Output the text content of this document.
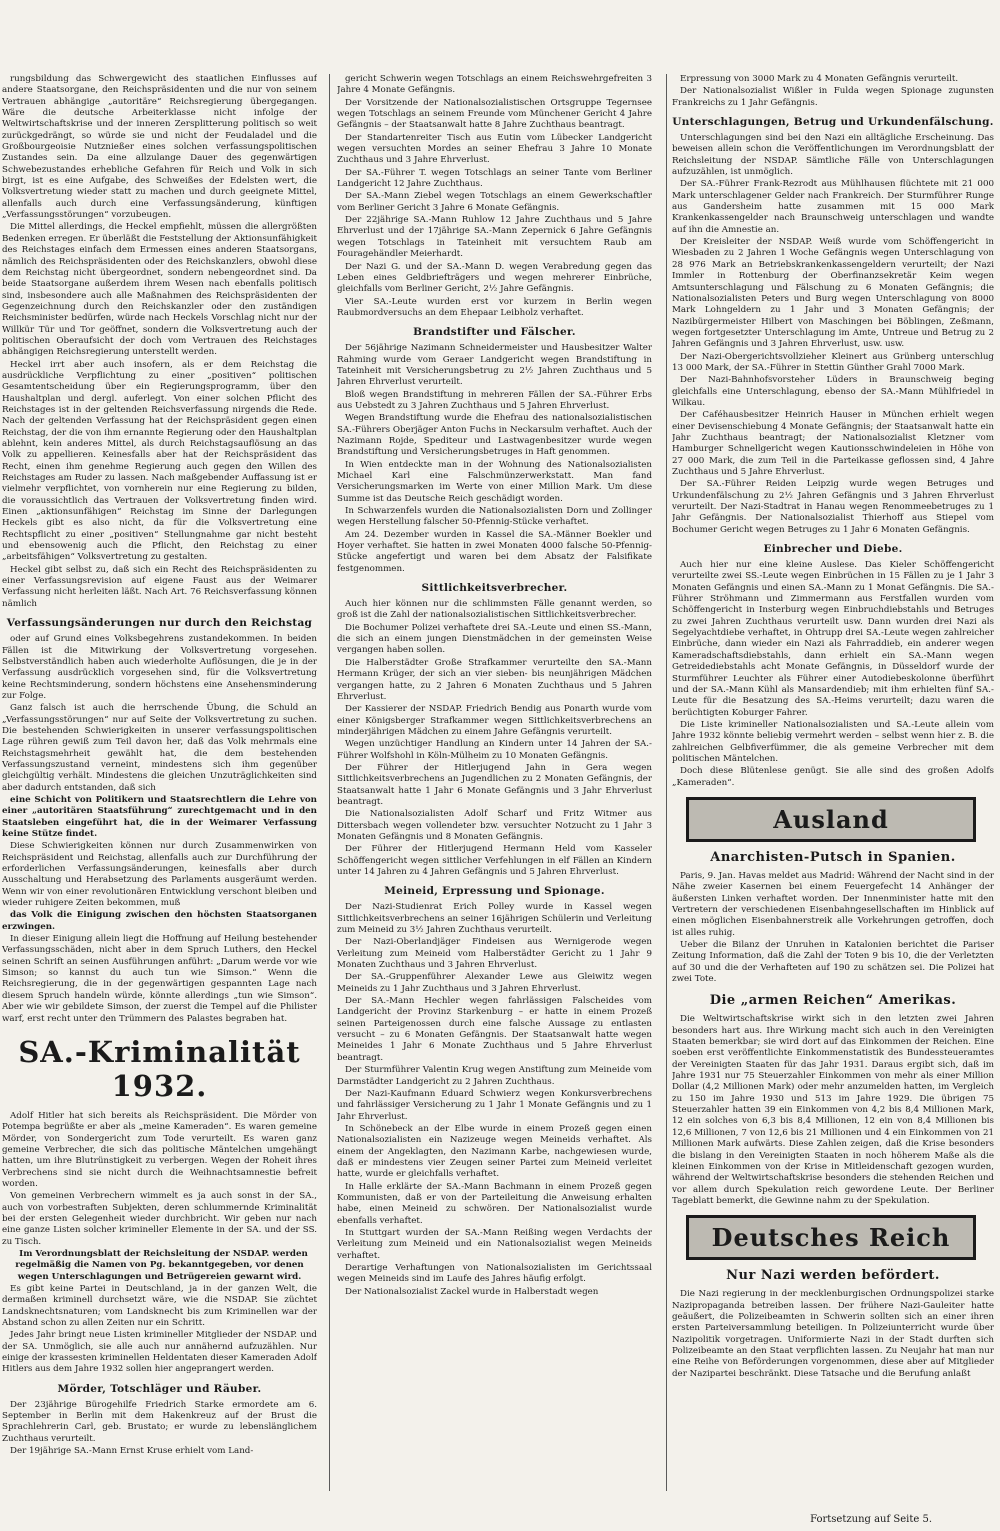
rungsbildung das Schwergewicht des staatlichen Einflusses auf andere Staatsorgane, den Reichspräsidenten und die nur von seinem Vertrauen abhängige „autoritäre“ Reichsregierung übergegangen. Wäre die deutsche Arbeiterklasse nicht infolge der Weltwirtschaftskrise und der inneren Zersplitterung politisch so weit zurückgedrängt, so würde sie und nicht der Feudaladel und die Großbourgeoisie Nutznießer eines solchen verfassungspolitischen Zustandes sein. Da eine allzulange Dauer des gegenwärtigen Schwebezustandes erhebliche Gefahren für Reich und Volk in sich birgt, ist es eine Aufgabe, des Schweißes der Edelsten wert, die Volksvertretung wieder statt zu machen und durch geeignete Mittel, allenfalls auch durch eine Verfassungsänderung, künftigen „Verfassungsstörungen“ vorzubeugen.

Die Mittel allerdings, die Heckel empfiehlt, müssen die allergrößten Bedenken erregen. Er überläßt die Feststellung der Aktionsunfähigkeit des Reichstages einfach dem Ermessen eines anderen Staatsorgans, nämlich des Reichspräsidenten oder des Reichskanzlers, obwohl diese dem Reichstag nicht übergeordnet, sondern nebengeordnet sind. Da beide Staatsorgane außerdem ihrem Wesen nach ebenfalls politisch sind, insbesondere auch alle Maßnahmen des Reichspräsidenten der Gegenzeichnung durch den Reichskanzler oder den zuständigen Reichsminister bedürfen, würde nach Heckels Vorschlag nicht nur der Willkür Tür und Tor geöffnet, sondern die Volksvertretung auch der politischen Oberaufsicht der doch vom Vertrauen des Reichstages abhängigen Reichsregierung unterstellt werden.

Heckel irrt aber auch insofern, als er dem Reichstag die ausdrückliche Verpflichtung zu einer „positiven“ politischen Gesamtentscheidung über ein Regierungsprogramm, über den Haushaltplan und dergl. auferlegt. Von einer solchen Pflicht des Reichstages ist in der geltenden Reichsverfassung nirgends die Rede. Nach der geltenden Verfassung hat der Reichspräsident gegen einen Reichstag, der die von ihm ernannte Regierung oder den Haushaltplan ablehnt, kein anderes Mittel, als durch Reichstagsauflösung an das Volk zu appellieren. Keinesfalls aber hat der Reichspräsident das Recht, einen ihm genehme Regierung auch gegen den Willen des Reichstages am Ruder zu lassen. Nach maßgebender Auffassung ist er vielmehr verpflichtet, von vornherein nur eine Regierung zu bilden, die voraussichtlich das Vertrauen der Volksvertretung finden wird. Einen „aktionsunfähigen“ Reichstag im Sinne der Darlegungen Heckels gibt es also nicht, da für die Volksvertretung eine Rechtspflicht zu einer „positiven“ Stellungnahme gar nicht besteht und ebensowenig auch die Pflicht, den Reichstag zu einer „arbeitsfähigen“ Volksvertretung zu gestalten.

Heckel gibt selbst zu, daß sich ein Recht des Reichspräsidenten zu einer Verfassungsrevision auf eigene Faust aus der Weimarer Verfassung nicht herleiten läßt. Nach Art. 76 Reichsverfassung können nämlich

Verfassungsänderungen nur durch den Reichstag

oder auf Grund eines Volksbegehrens zustandekommen. In beiden Fällen ist die Mitwirkung der Volksvertretung vorgesehen. Selbstverständlich haben auch wiederholte Auflösungen, die je in der Verfassung ausdrücklich vorgesehen sind, für die Volksvertretung keine Rechtsminderung, sondern höchstens eine Ansehensminderung zur Folge.

Ganz falsch ist auch die herrschende Übung, die Schuld an „Verfassungsstörungen“ nur auf Seite der Volksvertretung zu suchen. Die bestehenden Schwierigkeiten in unserer verfassungspolitischen Lage rühren gewiß zum Teil davon her, daß das Volk mehrmals eine Reichstagsmehrheit gewählt hat, die dem bestehenden Verfassungszustand verneint, mindestens sich ihm gegenüber gleichgültig verhält. Mindestens die gleichen Unzuträglichkeiten sind aber dadurch entstanden, daß sich

eine Schicht von Politikern und Staatsrechtlern die Lehre von einer „autoritären Staatsführung“ zurechtgemacht und in den Staatsleben eingeführt hat, die in der Weimarer Verfassung keine Stütze findet.

Diese Schwierigkeiten können nur durch Zusammenwirken von Reichspräsident und Reichstag, allenfalls auch zur Durchführung der erforderlichen Verfassungsänderungen, keinesfalls aber durch Ausschaltung und Herabsetzung des Parlaments ausgeräumt werden. Wenn wir von einer revolutionären Entwicklung verschont bleiben und wieder ruhigere Zeiten bekommen, muß

das Volk die Einigung zwischen den höchsten Staatsorganen erzwingen.

In dieser Einigung allein liegt die Hoffnung auf Heilung bestehender Verfassungsschäden, nicht aber in dem Spruch Luthers, den Heckel seinen Schrift an seinen Ausführungen anführt: „Darum werde vor wie Simson; so kannst du auch tun wie Simson.“ Wenn die Reichsregierung, die in der gegenwärtigen gespannten Lage nach diesem Spruch handeln würde, könnte allerdings „tun wie Simson“. Aber wie wir gebildete Simson, der zuerst die Tempel auf die Philister warf, erst recht unter den Trümmern des Palastes begraben hat.

SA.-Kriminalität 1932.

Adolf Hitler hat sich bereits als Reichspräsident. Die Mörder von Potempa begrüßte er aber als „meine Kameraden“. Es waren gemeine Mörder, von Sondergericht zum Tode verurteilt. Es waren ganz gemeine Verbrecher, die sich das politische Mäntelchen umgehängt hatten, um ihre Blutrünstigkeit zu verbergen. Wegen der Roheit ihres Verbrechens sind sie nicht durch die Weihnachtsamnestie befreit worden.

Von gemeinen Verbrechern wimmelt es ja auch sonst in der SA., auch von vorbestraften Subjekten, deren schlummernde Kriminalität bei der ersten Gelegenheit wieder durchbricht. Wir geben nur nach eine ganze Listen solcher krimineller Elemente in der SA. und der SS. zu Tisch.

Im Verordnungsblatt der Reichsleitung der NSDAP. werden regelmäßig die Namen von Pg. bekanntgegeben, vor denen wegen Unterschlagungen und Betrügereien gewarnt wird.

Es gibt keine Partei in Deutschland, ja in der ganzen Welt, die dermaßen kriminell durchsetzt wäre, wie die NSDAP. Sie züchtet Landsknechtsnaturen; vom Landsknecht bis zum Kriminellen war der Abstand schon zu allen Zeiten nur ein Schritt.

Jedes Jahr bringt neue Listen krimineller Mitglieder der NSDAP. und der SA. Unmöglich, sie alle auch nur annähernd aufzuzählen. Nur einige der krassesten kriminellen Heldentaten dieser Kameraden Adolf Hitlers aus dem Jahre 1932 sollen hier angeprangert werden.

Mörder, Totschläger und Räuber.

Der 23jährige Bürogehilfe Friedrich Starke ermordete am 6. September in Berlin mit dem Hakenkreuz auf der Brust die Sprachlehrerin Carl, geb. Brustato; er wurde zu lebenslänglichem Zuchthaus verurteilt.

Der 19jährige SA.-Mann Ernst Kruse erhielt vom Land-

gericht Schwerin wegen Totschlags an einem Reichswehrgefreiten 3 Jahre 4 Monate Gefängnis.

Der Vorsitzende der Nationalsozialistischen Ortsgruppe Tegernsee wegen Totschlags an seinem Freunde vom Münchener Gericht 4 Jahre Gefängnis – der Staatsanwalt hatte 8 Jahre Zuchthaus beantragt.

Der Standartenreiter Tisch aus Eutin vom Lübecker Landgericht wegen versuchten Mordes an seiner Ehefrau 3 Jahre 10 Monate Zuchthaus und 3 Jahre Ehrverlust.

Der SA.-Führer T. wegen Totschlags an seiner Tante vom Berliner Landgericht 12 Jahre Zuchthaus.

Der SA.-Mann Ziebel wegen Totschlags an einem Gewerkschaftler vom Berliner Gericht 3 Jahre 6 Monate Gefängnis.

Der 22jährige SA.-Mann Ruhlow 12 Jahre Zuchthaus und 5 Jahre Ehrverlust und der 17jährige SA.-Mann Zepernick 6 Jahre Gefängnis wegen Totschlags in Tateinheit mit versuchtem Raub am Fouragehändler Meierhardt.

Der Nazi G. und der SA.-Mann D. wegen Verabredung gegen das Leben eines Geldbriefträgers und wegen mehrerer Einbrüche, gleichfalls vom Berliner Gericht, 2½ Jahre Gefängnis.

Vier SA.-Leute wurden erst vor kurzem in Berlin wegen Raubmordversuchs an dem Ehepaar Leibholz verhaftet.

Brandstifter und Fälscher.

Der 56jährige Nazimann Schneidermeister und Hausbesitzer Walter Rahming wurde vom Geraer Landgericht wegen Brandstiftung in Tateinheit mit Versicherungsbetrug zu 2½ Jahren Zuchthaus und 5 Jahren Ehrverlust verurteilt.

Bloß wegen Brandstiftung in mehreren Fällen der SA.-Führer Erbs aus Uebstedt zu 3 Jahren Zuchthaus und 5 Jahren Ehrverlust.

Wegen Brandstiftung wurde die Ehefrau des nationalsozialistischen SA.-Führers Oberjäger Anton Fuchs in Neckarsulm verhaftet. Auch der Nazimann Rojde, Spediteur und Lastwagenbesitzer wurde wegen Brandstiftung und Versicherungsbetruges in Haft genommen.

In Wien entdeckte man in der Wohnung des Nationalsozialisten Michael Karl eine Falschmünzerwerkstatt. Man fand Versicherungsmarken im Werte von einer Million Mark. Um diese Summe ist das Deutsche Reich geschädigt worden.

In Schwarzenfels wurden die Nationalsozialisten Dorn und Zollinger wegen Herstellung falscher 50-Pfennig-Stücke verhaftet.

Am 24. Dezember wurden in Kassel die SA.-Männer Boekler und Hoyer verhaftet. Sie hatten in zwei Monaten 4000 falsche 50-Pfennig-Stücke angefertigt und waren bei dem Absatz der Falsifikate festgenommen.

Sittlichkeitsverbrecher.

Auch hier können nur die schlimmsten Fälle genannt werden, so groß ist die Zahl der nationalsozialistischen Sittlichkeitsverbrecher.

Die Bochumer Polizei verhaftete drei SA.-Leute und einen SS.-Mann, die sich an einem jungen Dienstmädchen in der gemeinsten Weise vergangen haben sollen.

Die Halberstädter Große Strafkammer verurteilte den SA.-Mann Hermann Krüger, der sich an vier sieben- bis neunjährigen Mädchen vergangen hatte, zu 2 Jahren 6 Monaten Zuchthaus und 5 Jahren Ehrverlust.

Der Kassierer der NSDAP. Friedrich Bendig aus Ponarth wurde vom einer Königsberger Strafkammer wegen Sittlichkeitsverbrechens an minderjährigen Mädchen zu einem Jahre Gefängnis verurteilt.

Wegen unzüchtiger Handlung an Kindern unter 14 Jahren der SA.-Führer Wolfshohl in Köln-Mülheim zu 10 Monaten Gefängnis.

Der Führer der Hitlerjugend Jahn in Gera wegen Sittlichkeitsverbrechens an Jugendlichen zu 2 Monaten Gefängnis, der Staatsanwalt hatte 1 Jahr 6 Monate Gefängnis und 3 Jahr Ehrverlust beantragt.

Die Nationalsozialisten Adolf Scharf und Fritz Witmer aus Dittersbach wegen vollendeter bzw. versuchter Notzucht zu 1 Jahr 3 Monaten Gefängnis und 8 Monaten Gefängnis.

Der Führer der Hitlerjugend Hermann Held vom Kasseler Schöffengericht wegen sittlicher Verfehlungen in elf Fällen an Kindern unter 14 Jahren zu 4 Jahren Gefängnis und 5 Jahren Ehrverlust.

Meineid, Erpressung und Spionage.

Der Nazi-Studienrat Erich Polley wurde in Kassel wegen Sittlichkeitsverbrechens an seiner 16jährigen Schülerin und Verleitung zum Meineid zu 3½ Jahren Zuchthaus verurteilt.

Der Nazi-Oberlandjäger Findeisen aus Wernigerode wegen Verleitung zum Meineid vom Halberstädter Gericht zu 1 Jahr 9 Monaten Zuchthaus und 3 Jahren Ehrverlust.

Der SA.-Gruppenführer Alexander Lewe aus Gleiwitz wegen Meineids zu 1 Jahr Zuchthaus und 3 Jahren Ehrverlust.

Der SA.-Mann Hechler wegen fahrlässigen Falscheides vom Landgericht der Provinz Starkenburg – er hatte in einem Prozeß seinen Parteigenossen durch eine falsche Aussage zu entlasten versucht – zu 6 Monaten Gefängnis. Der Staatsanwalt hatte wegen Meineides 1 Jahr 6 Monate Zuchthaus und 5 Jahre Ehrverlust beantragt.

Der Sturmführer Valentin Krug wegen Anstiftung zum Meineide vom Darmstädter Landgericht zu 2 Jahren Zuchthaus.

Der Nazi-Kaufmann Eduard Schwierz wegen Konkursverbrechens und fahrlässiger Versicherung zu 1 Jahr 1 Monate Gefängnis und zu 1 Jahr Ehrverlust.

In Schönebeck an der Elbe wurde in einem Prozeß gegen einen Nationalsozialisten ein Nazizeuge wegen Meineids verhaftet. Als einem der Angeklagten, den Nazimann Karbe, nachgewiesen wurde, daß er mindestens vier Zeugen seiner Partei zum Meineid verleitet hatte, wurde er gleichfalls verhaftet.

In Halle erklärte der SA.-Mann Bachmann in einem Prozeß gegen Kommunisten, daß er von der Parteileitung die Anweisung erhalten habe, einen Meineid zu schwören. Der Nationalsozialist wurde ebenfalls verhaftet.

In Stuttgart wurden der SA.-Mann Reißing wegen Verdachts der Verleitung zum Meineid und ein Nationalsozialist wegen Meineids verhaftet.

Derartige Verhaftungen von Nationalsozialisten im Gerichtssaal wegen Meineids sind im Laufe des Jahres häufig erfolgt.

Der Nationalsozialist Zackel wurde in Halberstadt wegen

Erpressung von 3000 Mark zu 4 Monaten Gefängnis verurteilt.

Der Nationalsozialist Wißler in Fulda wegen Spionage zugunsten Frankreichs zu 1 Jahr Gefängnis.

Unterschlagungen, Betrug und Urkundenfälschung.

Unterschlagungen sind bei den Nazi ein alltägliche Erscheinung. Das beweisen allein schon die Veröffentlichungen im Verordnungsblatt der Reichsleitung der NSDAP. Sämtliche Fälle von Unterschlagungen aufzuzählen, ist unmöglich.

Der SA.-Führer Frank-Rezrodt aus Mühlhausen flüchtete mit 21 000 Mark unterschlagener Gelder nach Frankreich. Der Sturmführer Runge aus Gandersheim hatte zusammen mit 15 000 Mark Krankenkassengelder nach Braunschweig unterschlagen und wandte auf ihn die Amnestie an.

Der Kreisleiter der NSDAP. Weiß wurde vom Schöffengericht in Wiesbaden zu 2 Jahren 1 Woche Gefängnis wegen Unterschlagung von 28 976 Mark an Betriebskrankenkassengeldern verurteilt; der Nazi Immler in Rottenburg der Oberfinanzsekretär Keim wegen Amtsunterschlagung und Fälschung zu 6 Monaten Gefängnis; die Nationalsozialisten Peters und Burg wegen Unterschlagung von 8000 Mark Lohngeldern zu 1 Jahr und 3 Monaten Gefängnis; der Nazibürgermeister Hilbert von Maschingen bei Böblingen, Zeßmann, wegen fortgesetzter Unterschlagung im Amte, Untreue und Betrug zu 2 Jahren Gefängnis und 3 Jahren Ehrverlust, usw. usw.

Der Nazi-Obergerichtsvollzieher Kleinert aus Grünberg unterschlug 13 000 Mark, der SA.-Führer in Stettin Günther Grahl 7000 Mark.

Der Nazi-Bahnhofsvorsteher Lüders in Braunschweig beging gleichfalls eine Unterschlagung, ebenso der SA.-Mann Mühlfriedel in Wilkau.

Der Caféhausbesitzer Heinrich Hauser in München erhielt wegen einer Devisenschiebung 4 Monate Gefängnis; der Staatsanwalt hatte ein Jahr Zuchthaus beantragt; der Nationalsozialist Kletzner vom Hamburger Schnellgericht wegen Kautionsschwindeleien in Höhe von 27 000 Mark, die zum Teil in die Parteikasse geflossen sind, 4 Jahre Zuchthaus und 5 Jahre Ehrverlust.

Der SA.-Führer Reiden Leipzig wurde wegen Betruges und Urkundenfälschung zu 2½ Jahren Gefängnis und 3 Jahren Ehrverlust verurteilt. Der Nazi-Stadtrat in Hanau wegen Renommeebetruges zu 1 Jahr Gefängnis. Der Nationalsozialist Thierhoff aus Stiepel vom Bochumer Gericht wegen Betruges zu 1 Jahr 6 Monaten Gefängnis.

Einbrecher und Diebe.

Auch hier nur eine kleine Auslese. Das Kieler Schöffengericht verurteilte zwei SS.-Leute wegen Einbrüchen in 15 Fällen zu je 1 Jahr 3 Monaten Gefängnis und einen SA.-Mann zu 1 Monat Gefängnis. Die SA.-Führer Ströhmann und Zimmermann aus Ferstfallen wurden vom Schöffengericht in Insterburg wegen Einbruchdiebstahls und Betruges zu zwei Jahren Zuchthaus verurteilt usw. Dann wurden drei Nazi als Segelyachtdiebe verhaftet, in Ohtrupp drei SA.-Leute wegen zahlreicher Einbrüche, dann wieder ein Nazi als Fahrraddieb, ein anderer wegen Kameradschaftsdiebstahls, dann erhielt ein SA.-Mann wegen Getreidediebstahls acht Monate Gefängnis, in Düsseldorf wurde der Sturmführer Leuchter als Führer einer Autodiebeskolonne überführt und der SA.-Mann Kühl als Mansardendieb; mit ihm erhielten fünf SA.-Leute für die Besatzung des SA.-Heims verurteilt; dazu waren die berüchtigten Koburger Fahrer.

Die Liste krimineller Nationalsozialisten und SA.-Leute allein vom Jahre 1932 könnte beliebig vermehrt werden – selbst wenn hier z. B. die zahlreichen Gelbfiverfümmer, die als gemeine Verbrecher mit dem politischen Mäntelchen.

Doch diese Blütenlese genügt. Sie alle sind des großen Adolfs „Kameraden“.

Ausland
Anarchisten-Putsch in Spanien.

Paris, 9. Jan. Havas meldet aus Madrid: Während der Nacht sind in der Nähe zweier Kasernen bei einem Feuergefecht 14 Anhänger der äußersten Linken verhaftet worden. Der Innenminister hatte mit den Vertretern der verschiedenen Eisenbahngesellschaften im Hinblick auf einen möglichen Eisenbahnerstreik alle Vorkehrungen getroffen, doch ist alles ruhig.

Ueber die Bilanz der Unruhen in Katalonien berichtet die Pariser Zeitung Information, daß die Zahl der Toten 9 bis 10, die der Verletzten auf 30 und die der Verhafteten auf 190 zu schätzen sei. Die Polizei hat zwei Tote.

Die „armen Reichen“ Amerikas.

Die Weltwirtschaftskrise wirkt sich in den letzten zwei Jahren besonders hart aus. Ihre Wirkung macht sich auch in den Vereinigten Staaten bemerkbar; sie wird dort auf das Einkommen der Reichen. Eine soeben erst veröffentlichte Einkommenstatistik des Bundessteueramtes der Vereinigten Staaten für das Jahr 1931. Daraus ergibt sich, daß im Jahre 1931 nur 75 Steuerzahler Einkommen von mehr als einer Million Dollar (4,2 Millionen Mark) oder mehr anzumelden hatten, im Vergleich zu 150 im Jahre 1930 und 513 im Jahre 1929. Die übrigen 75 Steuerzahler hatten 39 ein Einkommen von 4,2 bis 8,4 Millionen Mark, 12 ein solches von 6,3 bis 8,4 Millionen, 12 ein von 8,4 Millionen bis 12,6 Millionen, 7 von 12,6 bis 21 Millionen und 4 ein Einkommen von 21 Millionen Mark aufwärts. Diese Zahlen zeigen, daß die Krise besonders die bislang in den Vereinigten Staaten in noch höherem Maße als die kleinen Einkommen von der Krise in Mitleidenschaft gezogen wurden, während der Weltwirtschaftskrise besonders die stehenden Reichen und vor allem durch Spekulation reich gewordene Leute. Der Berliner Tageblatt bemerkt, die Gewinne nahm zu der Spekulation.

Deutsches Reich
Nur Nazi werden befördert.

Die Nazi regierung in der mecklenburgischen Ordnungspolizei starke Nazipropaganda betreiben lassen. Der frühere Nazi-Gauleiter hatte geäußert, die Polizeibeamten in Schwerin sollten sich an einer ihren ersten Parteiversammlung beteiligen. In Polizeiunterricht wurde über Nazipolitik vorgetragen. Uniformierte Nazi in der Stadt durften sich Polizeibeamte an den Staat verpflichten lassen. Zu Neujahr hat man nur eine Reihe von Beförderungen vorgenommen, diese aber auf Mitglieder der Nazipartei beschränkt. Diese Tatsache und die Berufung anlaßt

Fortsetzung auf Seite 5.
